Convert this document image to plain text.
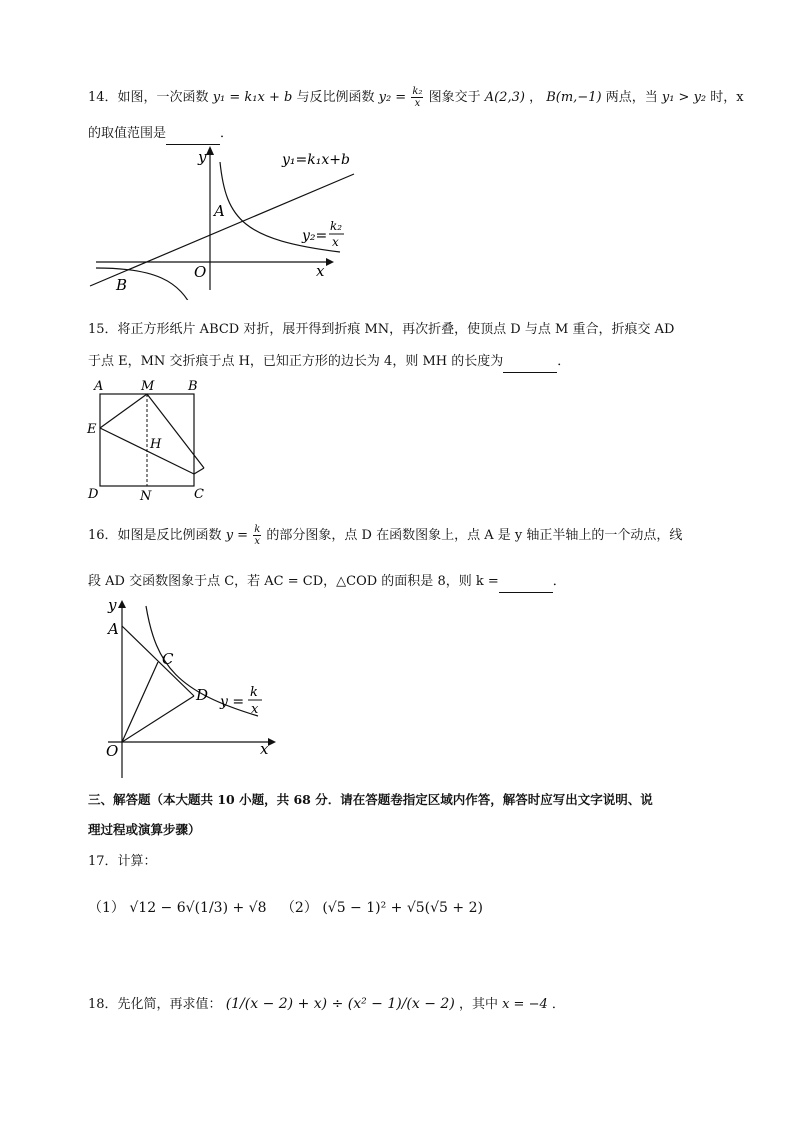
14．如图，一次函数 y₁ = k₁x + b 与反比例函数 $y_2 = \frac{\text{k₂}}{x}$ 图象交于 A(2,3) ， B(m,−1) 两点，当 y₁ > y₂ 时，x
的取值范围是	．
y
x
O
A
B
y₁=k₁x+b
y₂=
k₂
x
15．将正方形纸片 ABCD 对折，展开得到折痕 MN，再次折叠，使顶点 D 与点 M 重合，折痕交 AD
于点 E，MN 交折痕于点 H，已知正方形的边长为 4，则 MH 的长度为	．
A	M	B
E
H
D	N	C
16．如图是反比例函数 $y = \frac{k}{x}$ 的部分图象，点 D 在函数图象上，点 A 是 y 轴正半轴上的一个动点，线
段 AD 交函数图象于点 C，若 AC = CD，△COD 的面积是 8，则 k =	．
y
x
O
A
C
D y =
k
x
三、解答题（本大题共 10 小题，共 68 分．请在答题卷指定区域内作答，解答时应写出文字说明、说
理过程或演算步骤）
17．计算：
（1） √12 − 6√(1/3) + √8 （2） (√5 − 1)² + √5(√5 + 2)
18．先化简，再求值： (1/(x − 2) + x) ÷ (x² − 1)/(x − 2) ，其中 x = −4 ．
